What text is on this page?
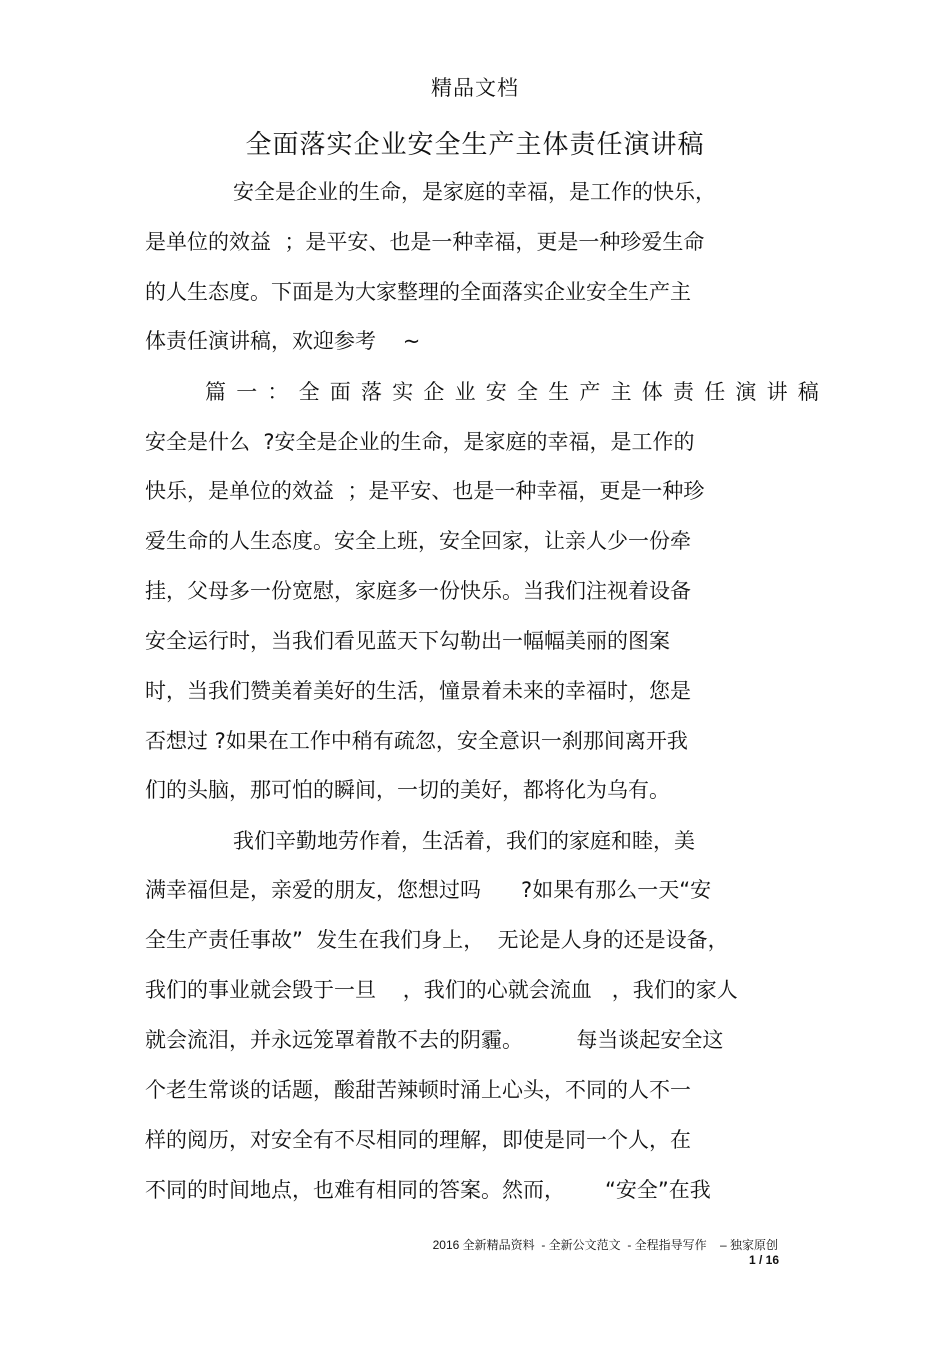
精品文档
全面落实企业安全生产主体责任演讲稿
安全是企业的生命，是家庭的幸福，是工作的快乐，
是单位的效益  ；是平安、也是一种幸福，更是一种珍爱生命
的人生态度。下面是为大家整理的全面落实企业安全生产主
体责任演讲稿，欢迎参考    ~
篇一：全面落实企业安全生产主体责任演讲稿
安全是什么  ?安全是企业的生命，是家庭的幸福，是工作的
快乐，是单位的效益  ；是平安、也是一种幸福，更是一种珍
爱生命的人生态度。安全上班，安全回家，让亲人少一份牵
挂，父母多一份宽慰，家庭多一份快乐。当我们注视着设备
安全运行时，当我们看见蓝天下勾勒出一幅幅美丽的图案
时，当我们赞美着美好的生活，憧景着未来的幸福时，您是
否想过 ?如果在工作中稍有疏忽，安全意识一刹那间离开我
们的头脑，那可怕的瞬间，一切的美好，都将化为乌有。
我们辛勤地劳作着，生活着，我们的家庭和睦，美
满幸福但是，亲爱的朋友，您想过吗      ?如果有那么一天“安
全生产责任事故”  发生在我们身上，  无论是人身的还是设备，
我们的事业就会毁于一旦    ，我们的心就会流血   ，我们的家人
就会流泪，并永远笼罩着散不去的阴霾。        每当谈起安全这
个老生常谈的话题，酸甜苦辣顿时涌上心头，不同的人不一
样的阅历，对安全有不尽相同的理解，即使是同一个人，在
不同的时间地点，也难有相同的答案。然而，      “安全”在我
2016 全新精品资料  - 全新公文范文  - 全程指导写作    – 独家原创
1 / 16
